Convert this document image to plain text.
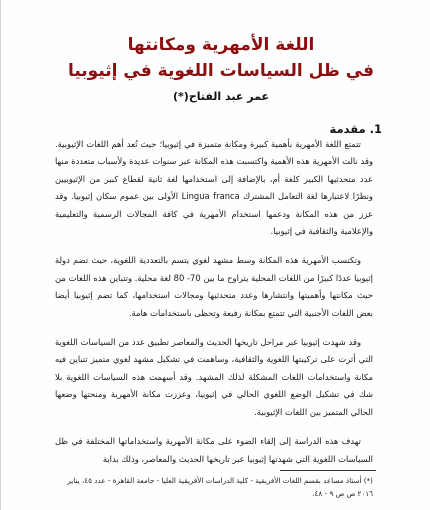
اللغة الأمهرية ومكانتها
في ظل السياسات اللغوية في إثيوبيا
عمر عبد الفتاح(*)
1. مقدمة

تتمتع اللغة الأمهرية بأهمية كبيرة ومكانة متميزة في إثيوبيا؛ حيث تُعد أهم اللغات الإثيوبية. وقد نالت الأمهرية هذه الأهمية واكتسبت هذه المكانة عبر سنوات عديدة ولأسباب متعددة منها عدد متحدثيها الكبير كلغة أم، بالإضافة إلى استخدامها لغة ثانية لقطاع كبير من الإثيوبيين ونظرًا لاعتبارها لغة التعامل المشترك Lingua franca الأولى بين عموم سكان إثيوبيا. وقد عزز من هذه المكانة ودعمها استخدام الأمهرية في كافة المجالات الرسمية والتعليمية والإعلامية والثقافية في إثيوبيا.

وتكتسب الأمهرية هذه المكانة وسط مشهد لغوي يتسم بالتعددية اللغوية، حيث تضم دولة إثيوبيا عددًا كبيرًا من اللغات المحلية يتراوح ما بين 70- 80 لغة محلية. وتتباين هذه اللغات من حيث مكانتها وأهميتها وانتشارها وعدد متحدثيها ومجالات استخدامها، كما تضم إثيوبيا أيضا بعض اللغات الأجنبية التي تتمتع بمكانة رفيعة وتحظى باستخدامات هامة.

وقد شهدت إثيوبيا عبر مراحل تاريخها الحديث والمعاصر تطبيق عدد من السياسات اللغوية التي أثرت على تركيبتها اللغوية والثقافية، وساهمت في تشكيل مشهد لغوي متميز تتباين فيه مكانة واستخدامات اللغات المشكلة لذلك المشهد. وقد أسهمت هذه السياسات اللغوية بلا شك في تشكيل الوضع اللغوي الحالي في إثيوبيا، وعززت مكانة الأمهرية ومنحتها وضعها الحالي المتميز بين اللغات الإثيوبية.

تهدف هذه الدراسة إلى إلقاء الضوء على مكانة الأمهرية واستخداماتها المختلفة في ظل السياسات اللغوية التي شهدتها إثيوبيا عبر تاريخها الحديث والمعاصر، وذلك بداية

(*) أستاذ مساعد بقسم اللغات الأفريقية - كلية الدراسات الأفريقية العليا - جامعة القاهرة - عدد ٤٥، يناير ٢٠١٦ ص ص ٩ - ٤٨.
